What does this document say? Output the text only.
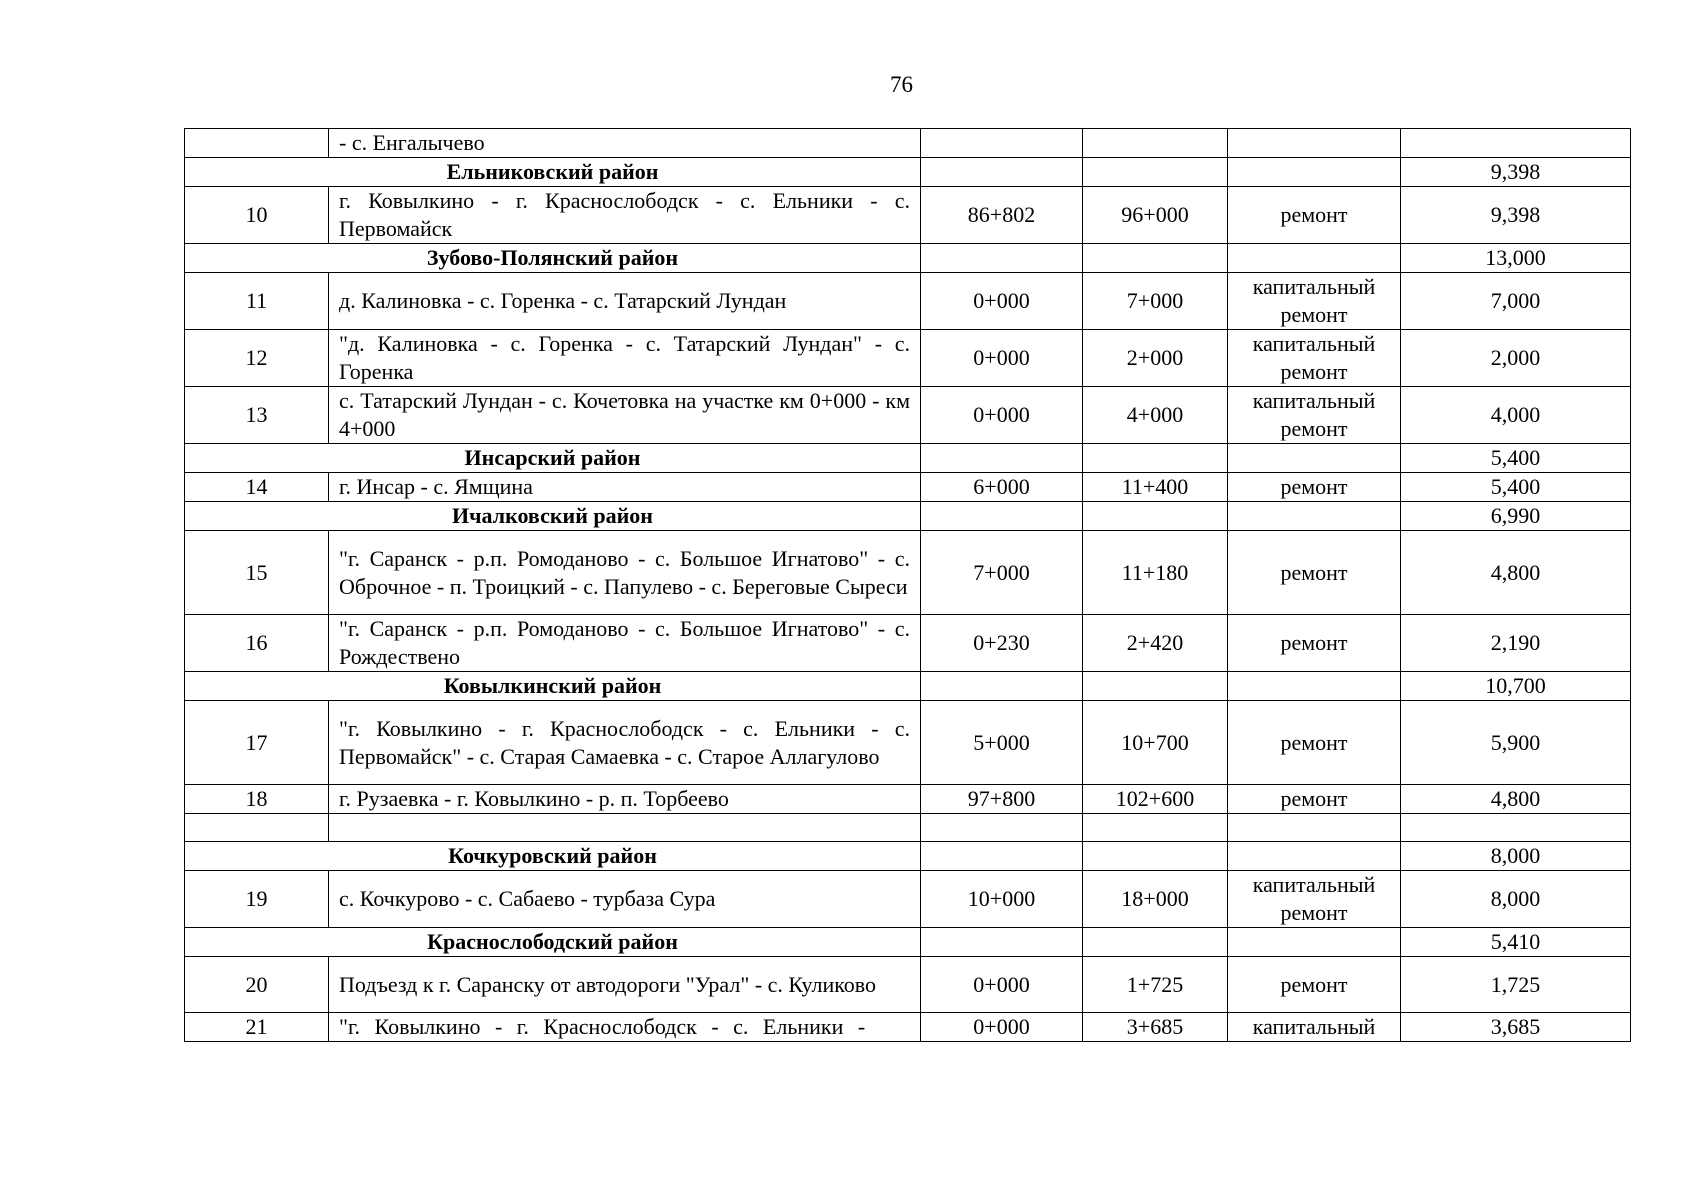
76
	- с. Енгалычево				
Ельниковский район					9,398
10	г. Ковылкино - г. Краснослободск - с. Ельники - с. Первомайск	86+802	96+000	ремонт	9,398
Зубово-Полянский район					13,000
11	д. Калиновка - с. Горенка - с. Татарский Лундан	0+000	7+000	капитальный ремонт	7,000
12	"д. Калиновка - с. Горенка - с. Татарский Лундан" - с. Горенка	0+000	2+000	капитальный ремонт	2,000
13	с. Татарский Лундан - с. Кочетовка на участке км 0+000 - км 4+000	0+000	4+000	капитальный ремонт	4,000
Инсарский район					5,400
14	г. Инсар - с. Ямщина	6+000	11+400	ремонт	5,400
Ичалковский район					6,990
15	"г. Саранск - р.п. Ромоданово - с. Большое Игнатово" - с. Оброчное - п. Троицкий - с. Папулево - с. Береговые Сыреси	7+000	11+180	ремонт	4,800
16	"г. Саранск - р.п. Ромоданово - с. Большое Игнатово" - с. Рождествено	0+230	2+420	ремонт	2,190
Ковылкинский район					10,700
17	"г. Ковылкино - г. Краснослободск - с. Ельники - с. Первомайск" - с. Старая Самаевка - с. Старое Аллагулово	5+000	10+700	ремонт	5,900
18	г. Рузаевка - г. Ковылкино - р. п. Торбеево	97+800	102+600	ремонт	4,800

Кочкуровский район					8,000
19	с. Кочкурово - с. Сабаево - турбаза Сура	10+000	18+000	капитальный ремонт	8,000
Краснослободский район					5,410
20	Подъезд к г. Саранску от автодороги "Урал" - с. Куликово	0+000	1+725	ремонт	1,725
21	"г. Ковылкино - г. Краснослободск - с. Ельники -	0+000	3+685	капитальный	3,685
